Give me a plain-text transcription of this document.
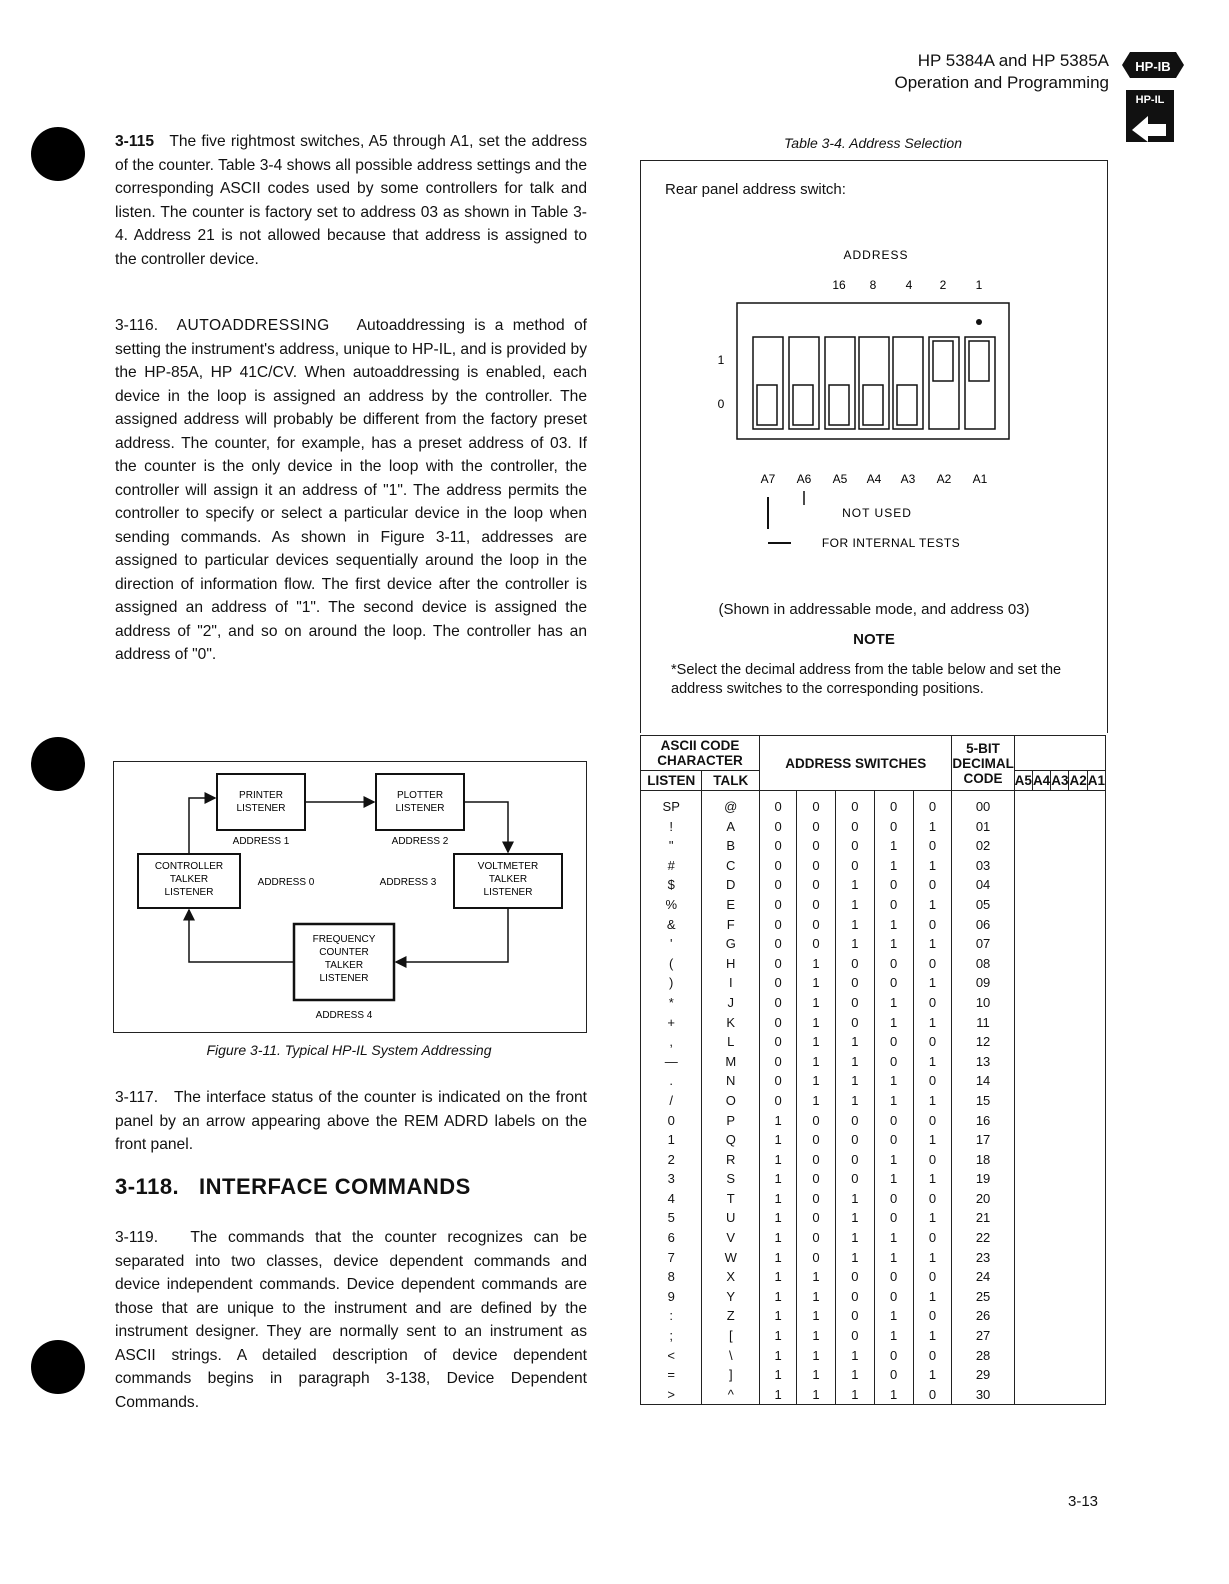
HP 5384A and HP 5385A
Operation and Programming
HP-IB
HP-IL

3-115 The five rightmost switches, A5 through A1, set the address of the counter. Table 3-4 shows all possible address settings and the corresponding ASCII codes used by some controllers for talk and listen. The counter is factory set to address 03 as shown in Table 3-4. Address 21 is not allowed because that address is assigned to the controller device.

3-116. AUTOADDRESSING Autoaddressing is a method of setting the instrument's address, unique to HP-IL, and is provided by the HP-85A, HP 41C/CV. When autoaddressing is enabled, each device in the loop is assigned an address by the controller. The assigned address will probably be different from the factory preset address. The counter, for example, has a preset address of 03. If the counter is the only device in the loop with the controller, the controller will assign it an address of "1". The address permits the controller to specify or select a particular device in the loop when sending commands. As shown in Figure 3-11, addresses are assigned to particular devices sequentially around the loop in the direction of information flow. The first device after the controller is assigned an address of "1". The second device is assigned the address of "2", and so on around the loop. The controller has an address of "0".

PRINTER
LISTENER
ADDRESS 1
PLOTTER
LISTENER
ADDRESS 2
CONTROLLER
TALKER
LISTENER
ADDRESS 0
VOLTMETER
TALKER
LISTENER
ADDRESS 3
FREQUENCY
COUNTER
TALKER
LISTENER
ADDRESS 4
Figure 3-11. Typical HP-IL System Addressing

3-117. The interface status of the counter is indicated on the front panel by an arrow appearing above the REM ADRD labels on the front panel.

3-118.   INTERFACE COMMANDS

3-119. The commands that the counter recognizes can be separated into two classes, device dependent commands and device independent commands. Device dependent commands are those that are unique to the instrument and are defined by the instrument designer. They are normally sent to an instrument as ASCII strings. A detailed description of device dependent commands begins in paragraph 3-138, Device Dependent Commands.

Table 3-4. Address Selection
Rear panel address switch:
ADDRESS
16 8 4 2 1
1
0
A7 A6 A5 A4 A3 A2 A1
NOT USED
FOR INTERNAL TESTS
(Shown in addressable mode, and address 03)
NOTE
*Select the decimal address from the table below and set the address switches to the corresponding positions.
ASCII CODE CHARACTER		ADDRESS SWITCHES					5-BIT DECIMAL CODE					
LISTEN	TALK							A5	A4	A3	A2	A1
SP	@	0	0	0	0	0	00					
!	A	0	0	0	0	1	01					
"	B	0	0	0	1	0	02					
#	C	0	0	0	1	1	03					
$	D	0	0	1	0	0	04					
%	E	0	0	1	0	1	05					
&	F	0	0	1	1	0	06					
'	G	0	0	1	1	1	07					
(	H	0	1	0	0	0	08					
)	I	0	1	0	0	1	09					
*	J	0	1	0	1	0	10					
+	K	0	1	0	1	1	11					
,	L	0	1	1	0	0	12					
—	M	0	1	1	0	1	13					
.	N	0	1	1	1	0	14					
/	O	0	1	1	1	1	15					
0	P	1	0	0	0	0	16					
1	Q	1	0	0	0	1	17					
2	R	1	0	0	1	0	18					
3	S	1	0	0	1	1	19					
4	T	1	0	1	0	0	20					
5	U	1	0	1	0	1	21					
6	V	1	0	1	1	0	22					
7	W	1	0	1	1	1	23					
8	X	1	1	0	0	0	24					
9	Y	1	1	0	0	1	25					
:	Z	1	1	0	1	0	26					
;	[	1	1	0	1	1	27					
<	\	1	1	1	0	0	28					
=	]	1	1	1	0	1	29					
>	^	1	1	1	1	0	30					
3-13
